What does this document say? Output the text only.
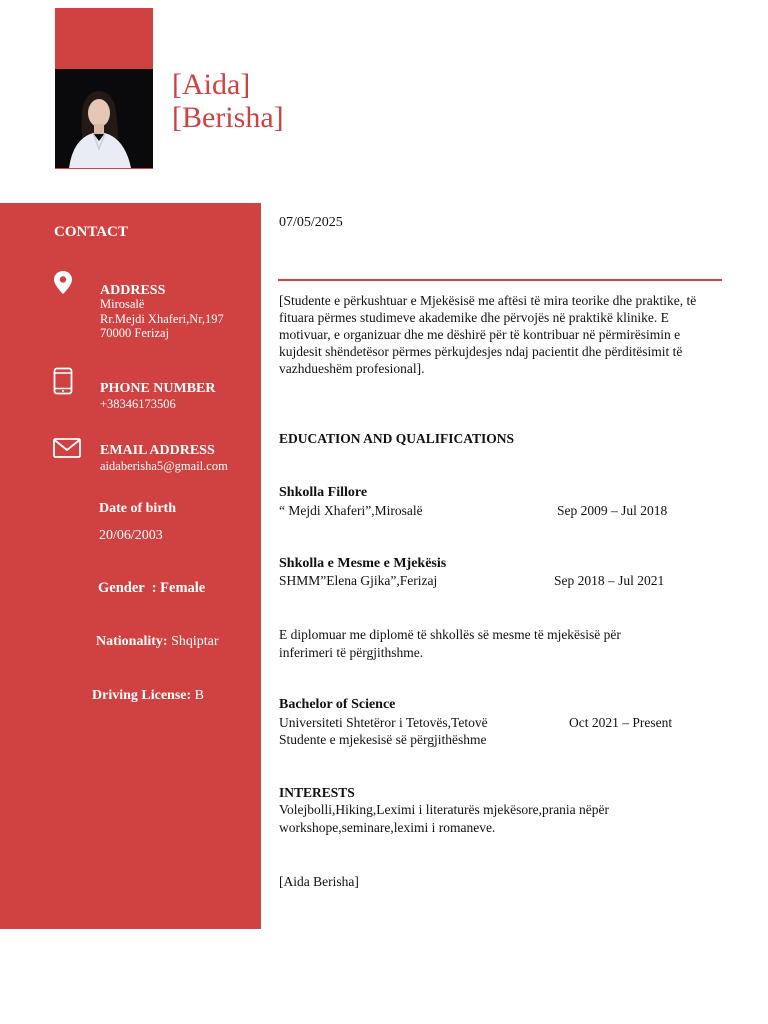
[Aida]
[Berisha]
CONTACT
ADDRESS
Mirosalë
Rr.Mejdi Xhaferi,Nr,197
70000 Ferizaj
PHONE NUMBER
+38346173506
EMAIL ADDRESS
aidaberisha5@gmail.com
Date of birth
20/06/2003
Gender  : Female
Nationality: Shqiptar
Driving License: B
07/05/2025
[Studente e përkushtuar e Mjekësisë me aftësi të mira teorike dhe praktike, të fituara përmes studimeve akademike dhe përvojës në praktikë klinike. E motivuar, e organizuar dhe me dëshirë për të kontribuar në përmirësimin e kujdesit shëndetësor përmes përkujdesjes ndaj pacientit dhe përditësimit të vazhdueshëm profesional].
EDUCATION AND QUALIFICATIONS
Shkolla Fillore
“ Mejdi Xhaferi”,Mirosalë	Sep 2009 – Jul 2018
Shkolla e Mesme e Mjekësis
SHMM”Elena Gjika”,Ferizaj	Sep 2018 – Jul 2021
E diplomuar me diplomë të shkollës së mesme të mjekësisë për
inferimeri të përgjithshme.
Bachelor of Science
Universiteti Shtetëror i Tetovës,Tetovë	Oct 2021 – Present
Studente e mjekesisë së përgjithëshme
INTERESTS
Volejbolli,Hiking,Leximi i literaturës mjekësore,prania nëpër
workshope,seminare,leximi i romaneve.
[Aida Berisha]
